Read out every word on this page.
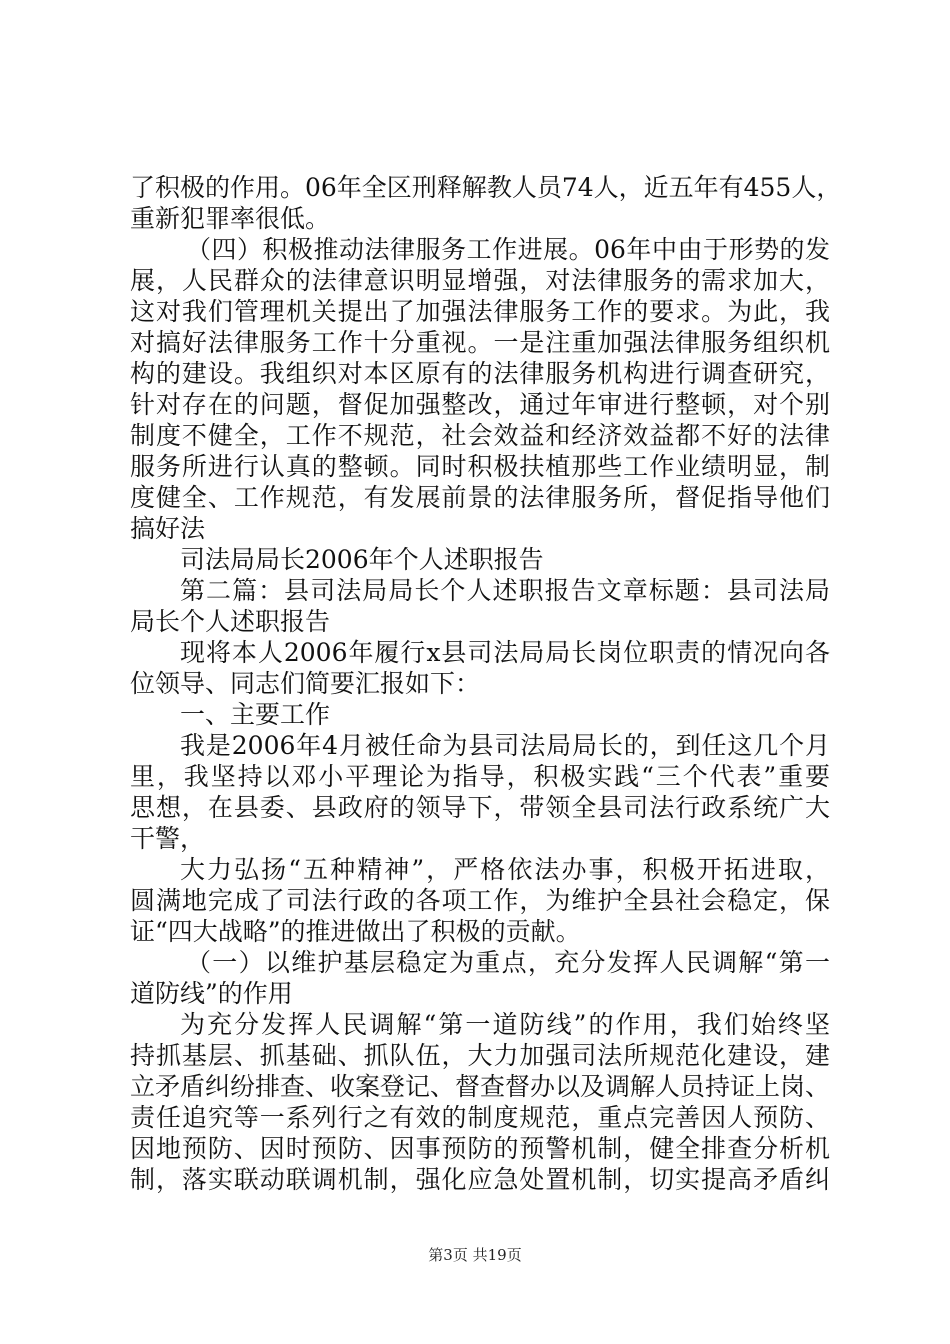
了积极的作用。06年全区刑释解教人员74人，近五年有455人，
重新犯罪率很低。
（四）积极推动法律服务工作进展。06年中由于形势的发
展，人民群众的法律意识明显增强，对法律服务的需求加大，
这对我们管理机关提出了加强法律服务工作的要求。为此，我
对搞好法律服务工作十分重视。一是注重加强法律服务组织机
构的建设。我组织对本区原有的法律服务机构进行调查研究，
针对存在的问题，督促加强整改，通过年审进行整顿，对个别
制度不健全，工作不规范，社会效益和经济效益都不好的法律
服务所进行认真的整顿。同时积极扶植那些工作业绩明显，制
度健全、工作规范，有发展前景的法律服务所，督促指导他们
搞好法
司法局局长2006年个人述职报告
第二篇：县司法局局长个人述职报告文章标题：县司法局
局长个人述职报告
现将本人2006年履行x县司法局局长岗位职责的情况向各
位领导、同志们简要汇报如下：
一、主要工作
我是2006年4月被任命为县司法局局长的，到任这几个月
里，我坚持以邓小平理论为指导，积极实践“三个代表”重要
思想，在县委、县政府的领导下，带领全县司法行政系统广大
干警，
大力弘扬“五种精神”，严格依法办事，积极开拓进取，
圆满地完成了司法行政的各项工作，为维护全县社会稳定，保
证“四大战略”的推进做出了积极的贡献。
（一）以维护基层稳定为重点，充分发挥人民调解“第一
道防线”的作用
为充分发挥人民调解“第一道防线”的作用，我们始终坚
持抓基层、抓基础、抓队伍，大力加强司法所规范化建设，建
立矛盾纠纷排查、收案登记、督查督办以及调解人员持证上岗、
责任追究等一系列行之有效的制度规范，重点完善因人预防、
因地预防、因时预防、因事预防的预警机制，健全排查分析机
制，落实联动联调机制，强化应急处置机制，切实提高矛盾纠
第3页 共19页
